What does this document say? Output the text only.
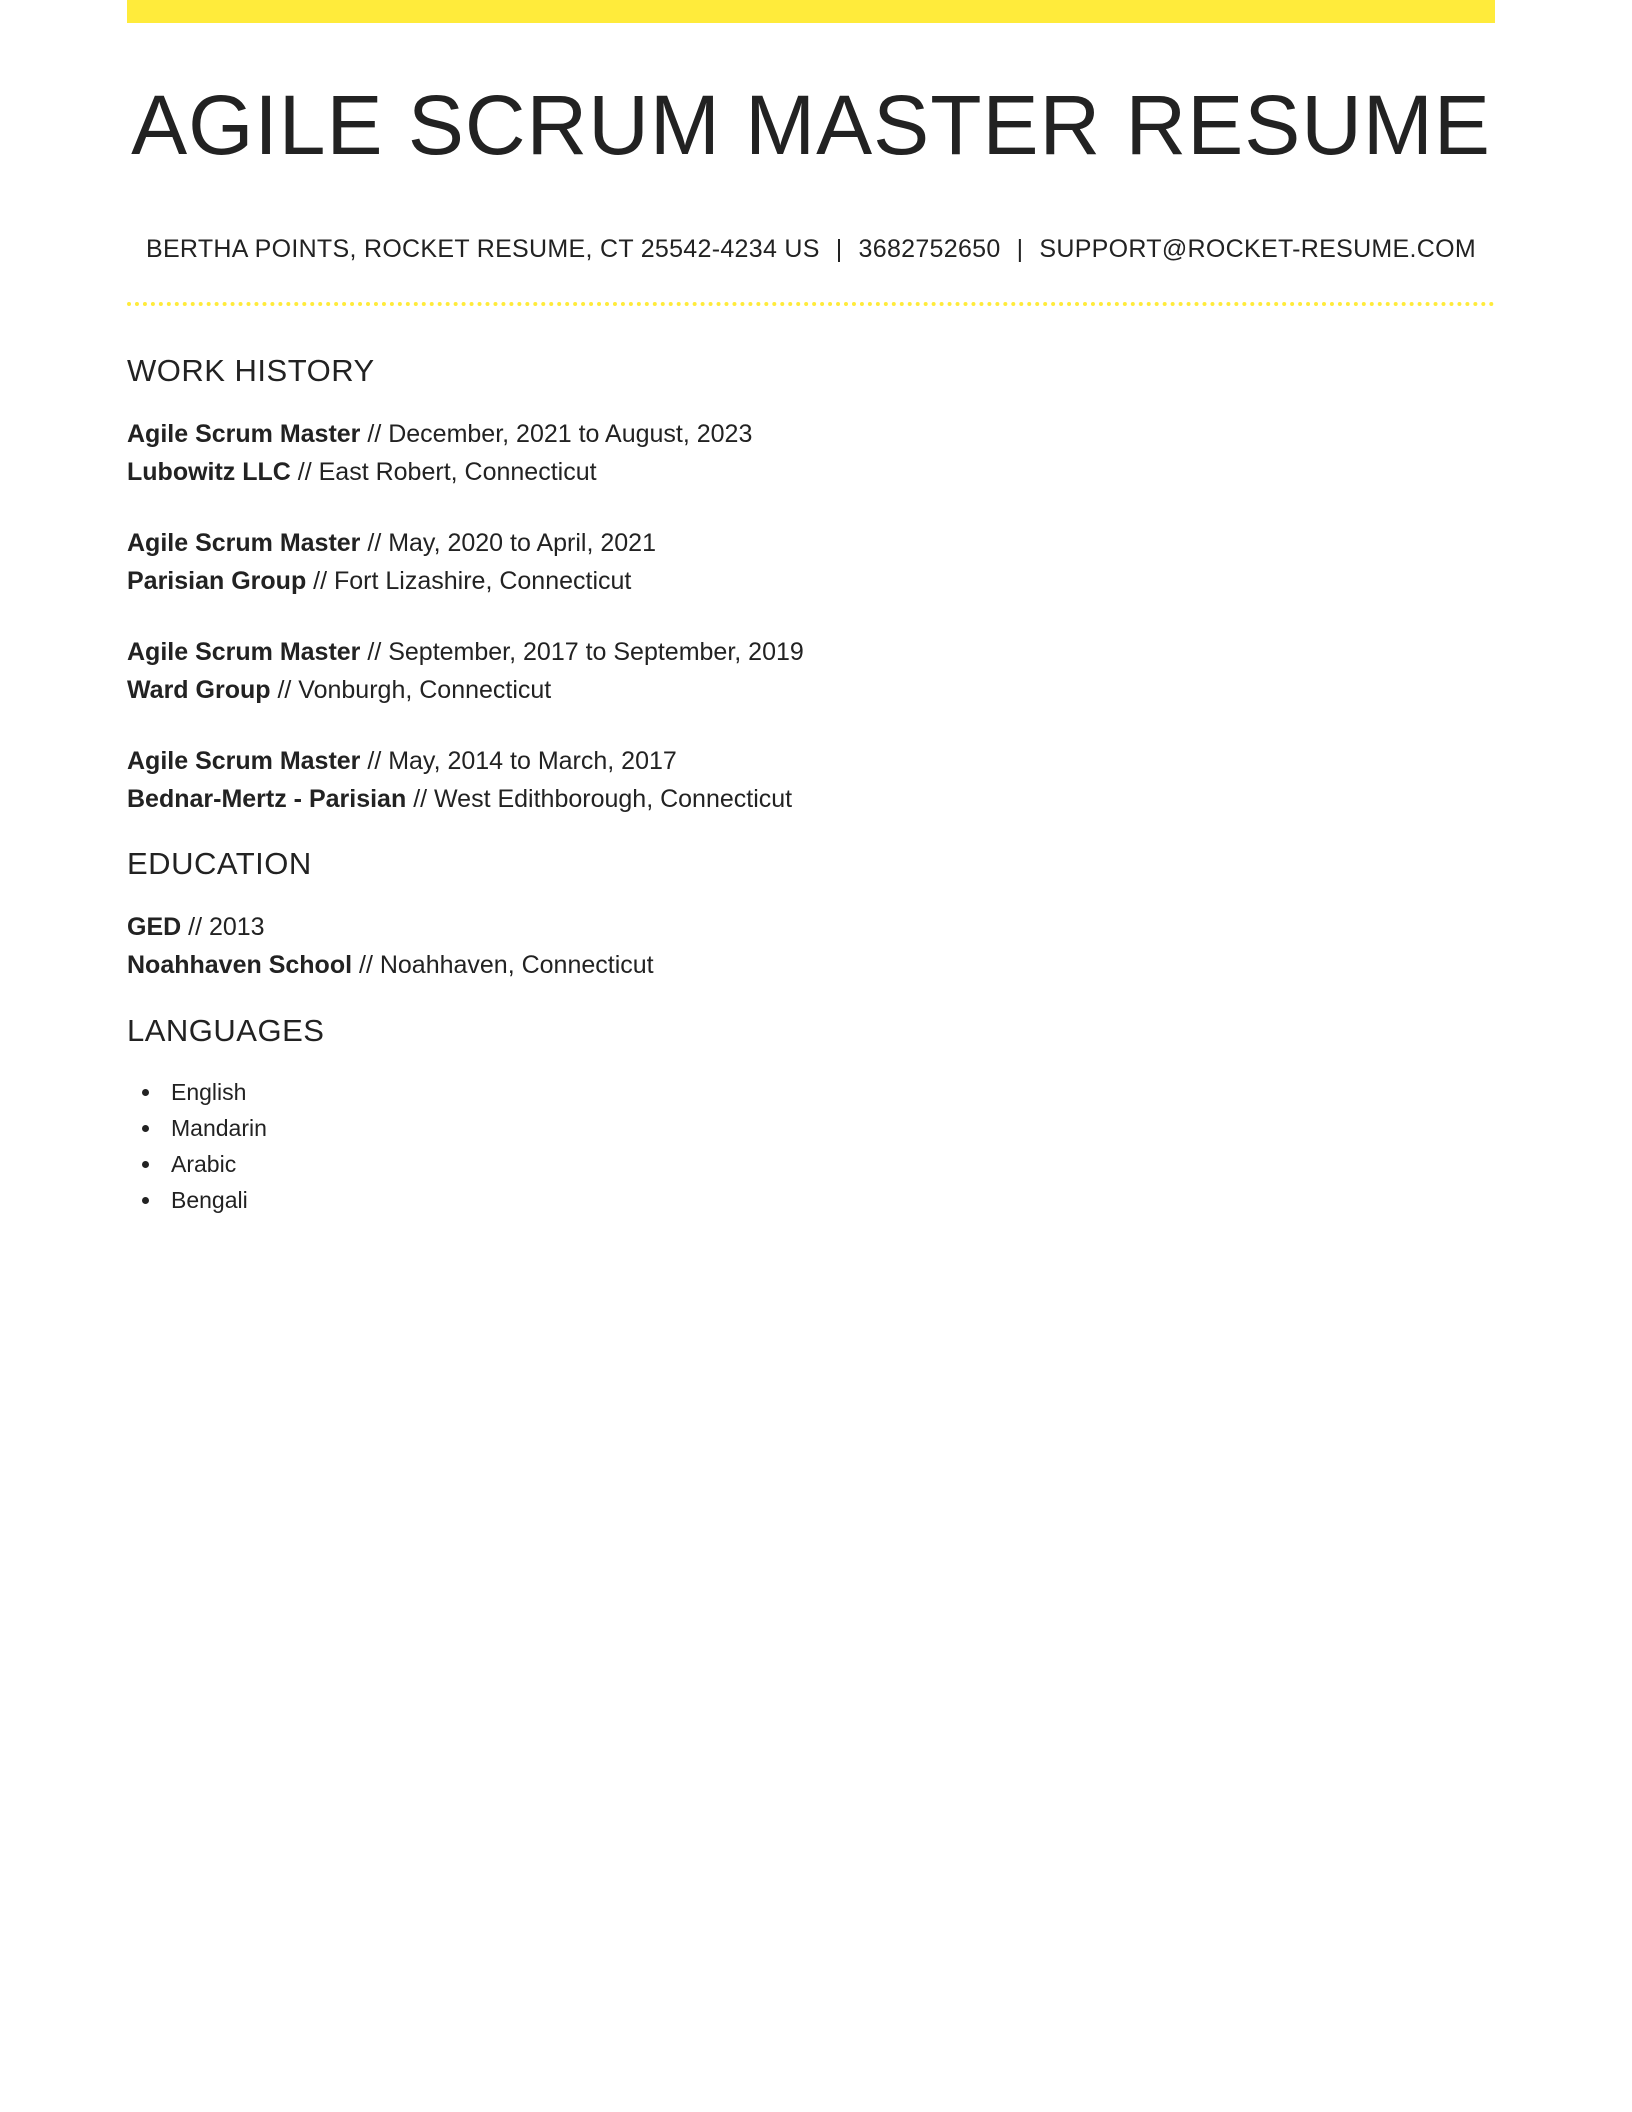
AGILE SCRUM MASTER RESUME
BERTHA POINTS, ROCKET RESUME, CT 25542-4234 US | 3682752650 | SUPPORT@ROCKET-RESUME.COM
WORK HISTORY
Agile Scrum Master // December, 2021 to August, 2023
Lubowitz LLC // East Robert, Connecticut
Agile Scrum Master // May, 2020 to April, 2021
Parisian Group // Fort Lizashire, Connecticut
Agile Scrum Master // September, 2017 to September, 2019
Ward Group // Vonburgh, Connecticut
Agile Scrum Master // May, 2014 to March, 2017
Bednar-Mertz - Parisian // West Edithborough, Connecticut
EDUCATION
GED // 2013
Noahhaven School // Noahhaven, Connecticut
LANGUAGES
English
Mandarin
Arabic
Bengali
